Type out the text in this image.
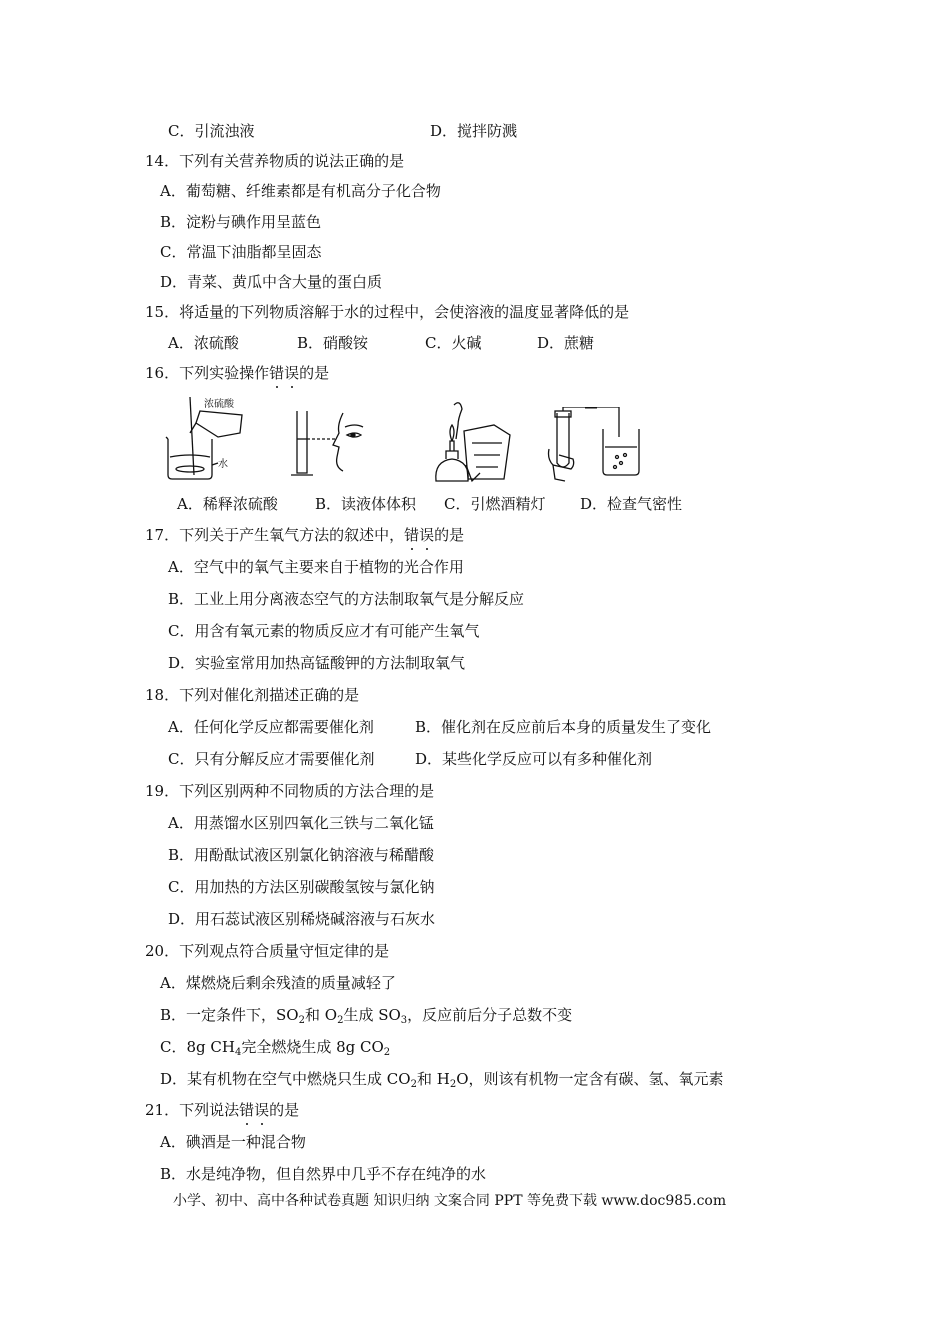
C．引流浊液	D．搅拌防溅
14．下列有关营养物质的说法正确的是
A．葡萄糖、纤维素都是有机高分子化合物
B．淀粉与碘作用呈蓝色
C．常温下油脂都呈固态
D．青菜、黄瓜中含大量的蛋白质
15．将适量的下列物质溶解于水的过程中，会使溶液的温度显著降低的是
A．浓硫酸	B．硝酸铵	C．火碱	D．蔗糖
16．下列实验操作错误的是
浓硫酸
水
A．稀释浓硫酸 B．读液体体积 C．引燃酒精灯 D．检查气密性
17．下列关于产生氧气方法的叙述中，错误的是
A．空气中的氧气主要来自于植物的光合作用
B．工业上用分离液态空气的方法制取氧气是分解反应
C．用含有氧元素的物质反应才有可能产生氧气
D．实验室常用加热高锰酸钾的方法制取氧气
18．下列对催化剂描述正确的是
A．任何化学反应都需要催化剂	B．催化剂在反应前后本身的质量发生了变化
C．只有分解反应才需要催化剂	D．某些化学反应可以有多种催化剂
19．下列区别两种不同物质的方法合理的是
A．用蒸馏水区别四氧化三铁与二氧化锰
B．用酚酞试液区别氯化钠溶液与稀醋酸
C．用加热的方法区别碳酸氢铵与氯化钠
D．用石蕊试液区别稀烧碱溶液与石灰水
20．下列观点符合质量守恒定律的是
A．煤燃烧后剩余残渣的质量减轻了
B．一定条件下，$SO_2$和 $O_2$生成 $SO_3$，反应前后分子总数不变
C．8g $CH_4$完全燃烧生成 8g $CO_2$
D．某有机物在空气中燃烧只生成 $CO_2$和 $H_2O$，则该有机物一定含有碳、氢、氧元素
21．下列说法错误的是
A．碘酒是一种混合物
B．水是纯净物，但自然界中几乎不存在纯净的水
小学、初中、高中各种试卷真题 知识归纳 文案合同 PPT 等免费下载 www.doc985.com
